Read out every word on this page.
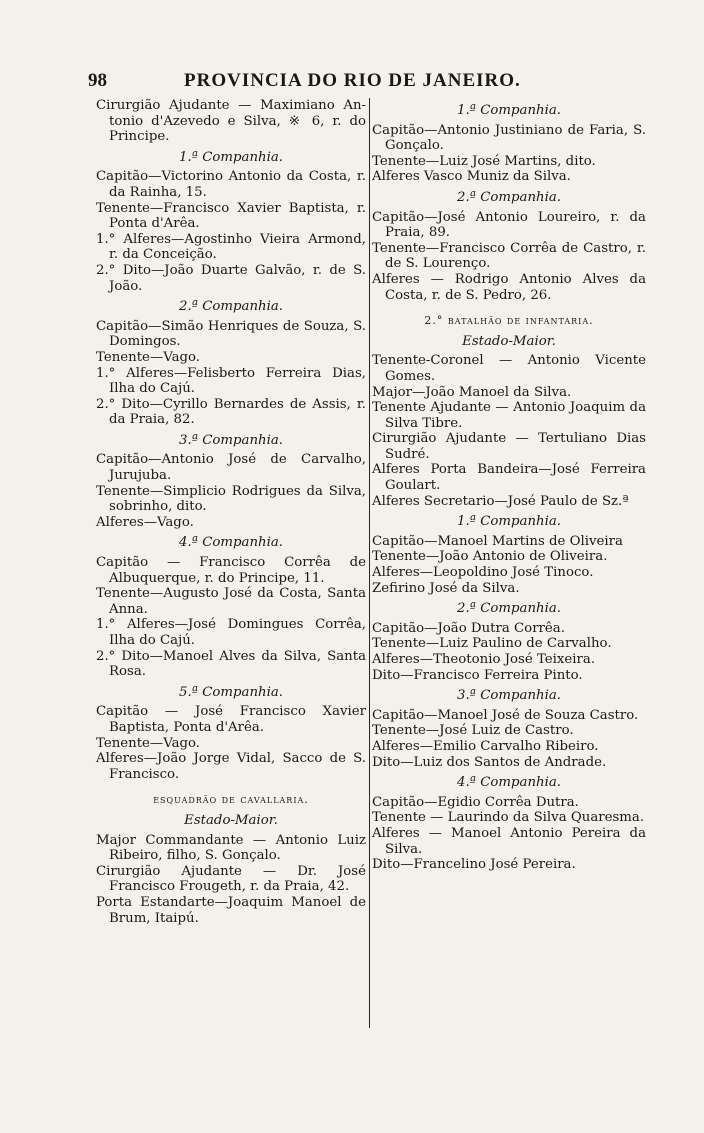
98	PROVINCIA DO RIO DE JANEIRO.

Cirurgião Ajudante — Maximiano An-tonio d'Azevedo e Silva, ※ 6, r. do Principe.

1.ª Companhia.

Capitão—Victorino Antonio da Costa, r. da Rainha, 15.

Tenente—Francisco Xavier Baptista, r. Ponta d'Arêa.

1.° Alferes—Agostinho Vieira Armond, r. da Conceição.

2.° Dito—João Duarte Galvão, r. de S. João.

2.ª Companhia.

Capitão—Simão Henriques de Souza, S. Domingos.

Tenente—Vago.

1.° Alferes—Felisberto Ferreira Dias, Ilha do Cajú.

2.° Dito—Cyrillo Bernardes de Assis, r. da Praia, 82.

3.ª Companhia.

Capitão—Antonio José de Carvalho, Jurujuba.

Tenente—Simplicio Rodrigues da Silva, sobrinho, dito.

Alferes—Vago.

4.ª Companhia.

Capitão — Francisco Corrêa de Albuquerque, r. do Principe, 11.

Tenente—Augusto José da Costa, Santa Anna.

1.° Alferes—José Domingues Corrêa, Ilha do Cajú.

2.° Dito—Manoel Alves da Silva, Santa Rosa.

5.ª Companhia.

Capitão — José Francisco Xavier Baptista, Ponta d'Arêa.

Tenente—Vago.

Alferes—João Jorge Vidal, Sacco de S. Francisco.

esquadrão de cavallaria.

Estado-Maior.

Major Commandante — Antonio Luiz Ribeiro, filho, S. Gonçalo.

Cirurgião Ajudante — Dr. José Francisco Frougeth, r. da Praia, 42.

Porta Estandarte—Joaquim Manoel de Brum, Itaipú.

1.ª Companhia.

Capitão—Antonio Justiniano de Faria, S. Gonçalo.

Tenente—Luiz José Martins, dito.

Alferes Vasco Muniz da Silva.

2.ª Companhia.

Capitão—José Antonio Loureiro, r. da Praia, 89.

Tenente—Francisco Corrêa de Castro, r. de S. Lourenço.

Alferes — Rodrigo Antonio Alves da Costa, r. de S. Pedro, 26.

2.° batalhão de infantaria.

Estado-Maior.

Tenente-Coronel — Antonio Vicente Gomes.

Major—João Manoel da Silva.

Tenente Ajudante — Antonio Joaquim da Silva Tibre.

Cirurgião Ajudante — Tertuliano Dias Sudré.

Alferes Porta Bandeira—José Ferreira Goulart.

Alferes Secretario—José Paulo de Sz.ª

1.ª Companhia.

Capitão—Manoel Martins de Oliveira

Tenente—João Antonio de Oliveira.

Alferes—Leopoldino José Tinoco.

Zefirino José da Silva.

2.ª Companhia.

Capitão—João Dutra Corrêa.

Tenente—Luiz Paulino de Carvalho.

Alferes—Theotonio José Teixeira.

Dito—Francisco Ferreira Pinto.

3.ª Companhia.

Capitão—Manoel José de Souza Castro.

Tenente—José Luiz de Castro.

Alferes—Emilio Carvalho Ribeiro.

Dito—Luiz dos Santos de Andrade.

4.ª Companhia.

Capitão—Egidio Corrêa Dutra.

Tenente — Laurindo da Silva Quaresma.

Alferes — Manoel Antonio Pereira da Silva.

Dito—Francelino José Pereira.
